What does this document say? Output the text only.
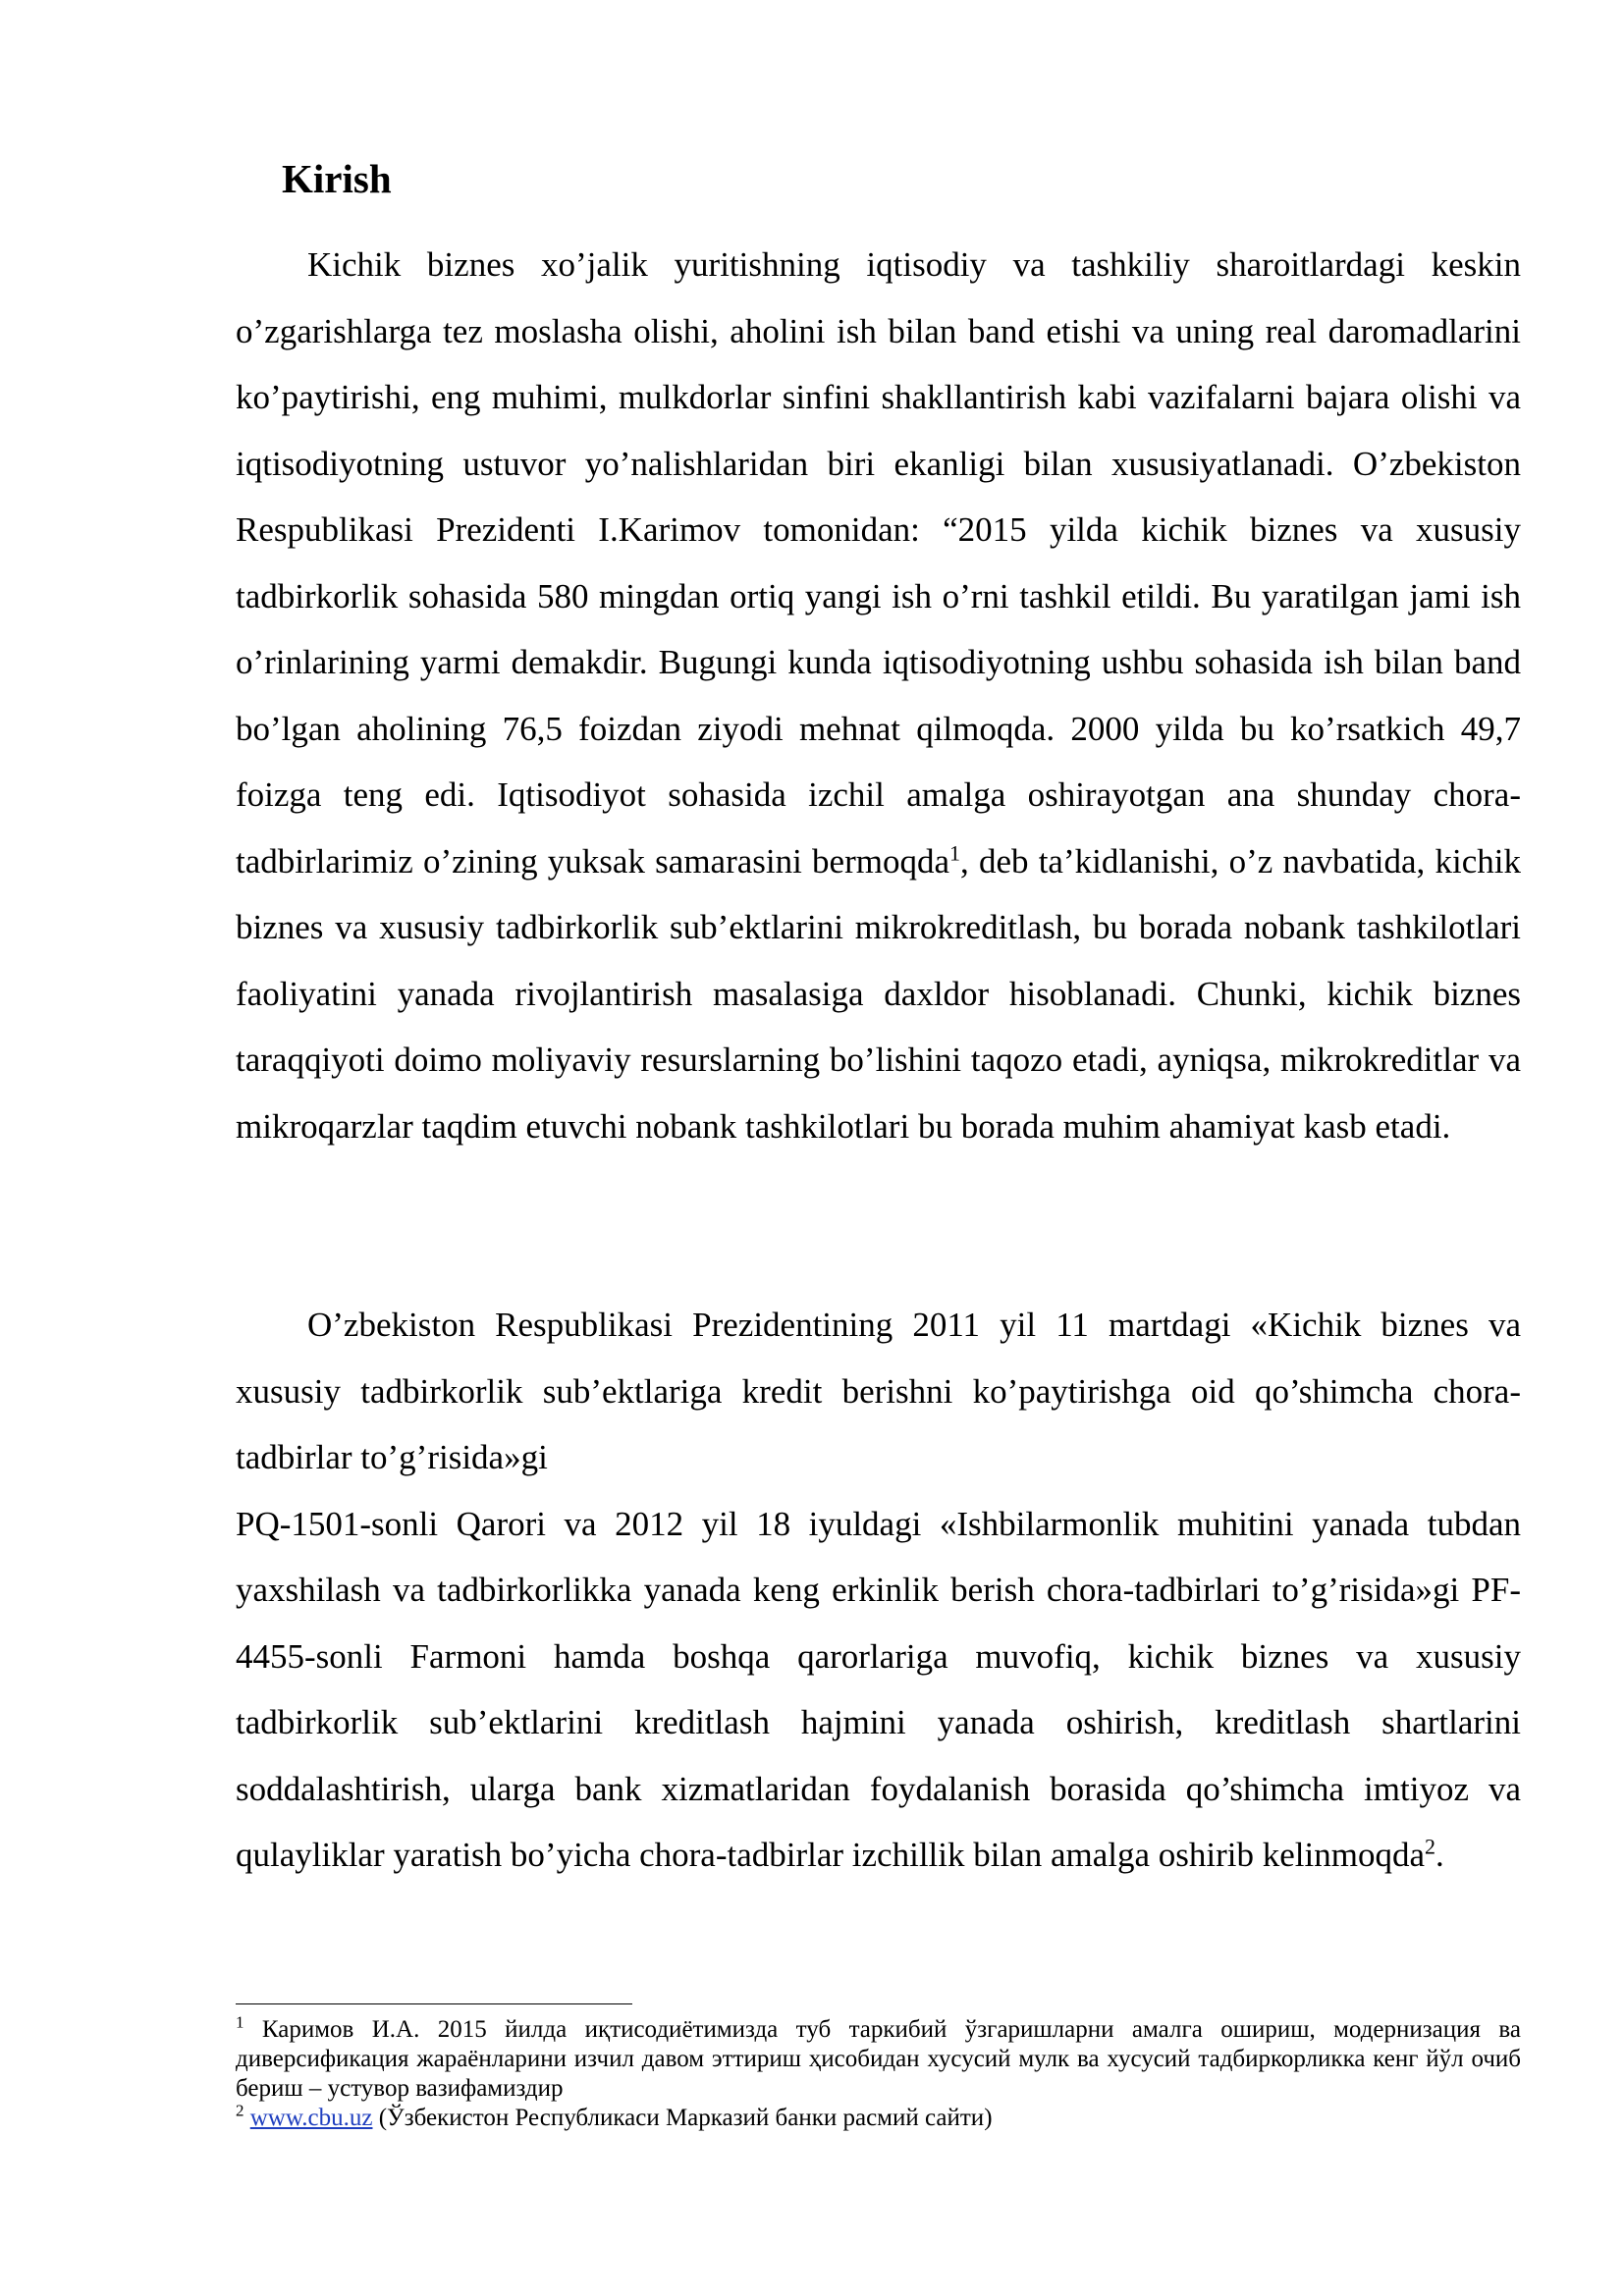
Kirish

Kichik biznes xo’jalik yuritishning iqtisodiy va tashkiliy sharoitlardagi keskin o’zgarishlarga tez moslasha olishi, aholini ish bilan band etishi va uning real daromadlarini ko’paytirishi, eng muhimi, mulkdorlar sinfini shakllantirish kabi vazifalarni bajara olishi va iqtisodiyotning ustuvor yo’nalishlaridan biri ekanligi bilan xususiyatlanadi. O’zbekiston Respublikasi Prezidenti I.Karimov tomonidan: “2015 yilda kichik biznes va xususiy tadbirkorlik sohasida 580 mingdan ortiq yangi ish o’rni tashkil etildi. Bu yaratilgan jami ish o’rinlarining yarmi demakdir. Bugungi kunda iqtisodiyotning ushbu sohasida ish bilan band bo’lgan aholining 76,5 foizdan ziyodi mehnat qilmoqda. 2000 yilda bu ko’rsatkich 49,7 foizga teng edi. Iqtisodiyot sohasida izchil amalga oshirayotgan ana shunday chora-tadbirlarimiz o’zining yuksak samarasini bermoqda$^1$, deb ta’kidlanishi, o’z navbatida, kichik biznes va xususiy tadbirkorlik sub’ektlarini mikrokreditlash, bu borada nobank tashkilotlari faoliyatini yanada rivojlantirish masalasiga daxldor hisoblanadi. Chunki, kichik biznes taraqqiyoti doimo moliyaviy resurslarning bo’lishini taqozo etadi, ayniqsa, mikrokreditlar va mikroqarzlar taqdim etuvchi nobank tashkilotlari bu borada muhim ahamiyat kasb etadi.

O’zbekiston Respublikasi Prezidentining 2011 yil 11 martdagi «Kichik biznes va xususiy tadbirkorlik sub’ektlariga kredit berishni ko’paytirishga oid qo’shimcha chora-tadbirlar to’g’risida»gi
PQ-1501-sonli Qarori va 2012 yil 18 iyuldagi «Ishbilarmonlik muhitini yanada tubdan yaxshilash va tadbirkorlikka yanada keng erkinlik berish chora-tadbirlari to’g’risida»gi PF-4455-sonli Farmoni hamda boshqa qarorlariga muvofiq, kichik biznes va xususiy tadbirkorlik sub’ektlarini kreditlash hajmini yanada oshirish, kreditlash shartlarini soddalashtirish, ularga bank xizmatlaridan foydalanish borasida qo’shimcha imtiyoz va qulayliklar yaratish bo’yicha chora-tadbirlar izchillik bilan amalga oshirib kelinmoqda$^2$.

$^1$ Каримов И.А. 2015 йилда иқтисодиётимизда туб таркибий ўзгаришларни амалга ошириш, модернизация ва диверсификация жараёнларини изчил давом эттириш ҳисобидан хусусий мулк ва хусусий тадбиркорликка кенг йўл очиб бериш – устувор вазифамиздир

$^2$ www.cbu.uz (Ўзбекистон Республикаси Марказий банки расмий сайти)
